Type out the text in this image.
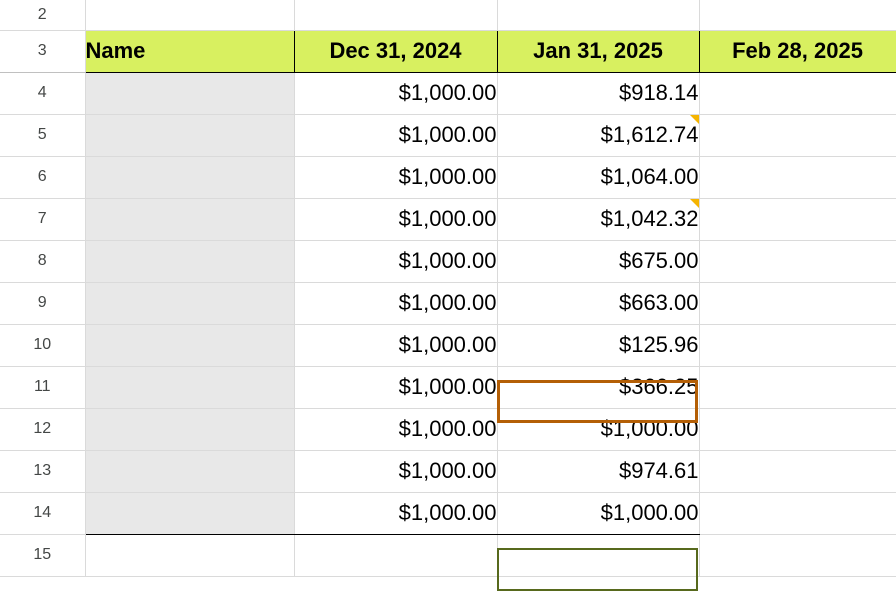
2				
3	Name	Dec 31, 2024	Jan 31, 2025	Feb 28, 2025
4		$1,000.00	$918.14	
5		$1,000.00	$1,612.74

6		$1,000.00	$1,064.00	
7		$1,000.00	$1,042.32

8		$1,000.00	$675.00	
9		$1,000.00	$663.00	
10		$1,000.00	$125.96	
11		$1,000.00	$366.25	
12		$1,000.00	$1,000.00	
13		$1,000.00	$974.61	
14		$1,000.00	$1,000.00	
15				
